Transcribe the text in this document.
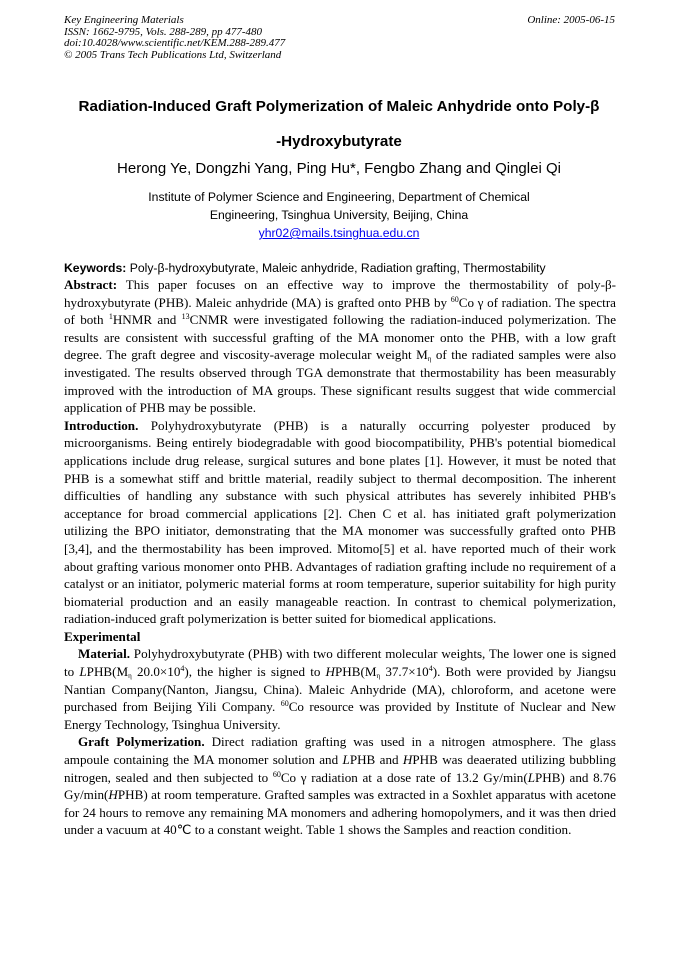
Key Engineering Materials
ISSN: 1662-9795, Vols. 288-289, pp 477-480
doi:10.4028/www.scientific.net/KEM.288-289.477
© 2005 Trans Tech Publications Ltd, Switzerland
Online: 2005-06-15
Radiation-Induced Graft Polymerization of Maleic Anhydride onto Poly-β
-Hydroxybutyrate
Herong Ye, Dongzhi Yang, Ping Hu*, Fengbo Zhang and Qinglei Qi
Institute of Polymer Science and Engineering, Department of Chemical
Engineering, Tsinghua University, Beijing, China
yhr02@mails.tsinghua.edu.cn
Keywords: Poly-β-hydroxybutyrate, Maleic anhydride, Radiation grafting, Thermostability

Abstract: This paper focuses on an effective way to improve the thermostability of poly-β-hydroxybutyrate (PHB). Maleic anhydride (MA) is grafted onto PHB by $^{60}$Co γ of radiation. The spectra of both $^1$HNMR and $^{13}$CNMR were investigated following the radiation-induced polymerization. The results are consistent with successful grafting of the MA monomer onto the PHB, with a low graft degree. The graft degree and viscosity-average molecular weight $M_\eta$ of the radiated samples were also investigated. The results observed through TGA demonstrate that thermostability has been measurably improved with the introduction of MA groups. These significant results suggest that wide commercial application of PHB may be possible.

Introduction. Polyhydroxybutyrate (PHB) is a naturally occurring polyester produced by microorganisms. Being entirely biodegradable with good biocompatibility, PHB's potential biomedical applications include drug release, surgical sutures and bone plates [1]. However, it must be noted that PHB is a somewhat stiff and brittle material, readily subject to thermal decomposition. The inherent difficulties of handling any substance with such physical attributes has severely inhibited PHB's acceptance for broad commercial applications [2]. Chen C et al. has initiated graft polymerization utilizing the BPO initiator, demonstrating that the MA monomer was successfully grafted onto PHB [3,4], and the thermostability has been improved. Mitomo[5] et al. have reported much of their work about grafting various monomer onto PHB. Advantages of radiation grafting include no requirement of a catalyst or an initiator, polymeric material forms at room temperature, superior suitability for high purity biomaterial production and an easily manageable reaction. In contrast to chemical polymerization, radiation-induced graft polymerization is better suited for biomedical applications.

Experimental

Material. Polyhydroxybutyrate (PHB) with two different molecular weights, The lower one is signed to $LPHB(M_\eta$ $20.0\times 10^4$), the higher is signed to $HPHB(M_\eta$ $37.7\times 10^4$). Both were provided by Jiangsu Nantian Company(Nanton, Jiangsu, China). Maleic Anhydride (MA), chloroform, and acetone were purchased from Beijing Yili Company. $^{60}$Co resource was provided by Institute of Nuclear and New Energy Technology, Tsinghua University.

Graft Polymerization. Direct radiation grafting was used in a nitrogen atmosphere. The glass ampoule containing the MA monomer solution and LPHB and HPHB was deaerated utilizing bubbling nitrogen, sealed and then subjected to $^{60}$Co γ radiation at a dose rate of 13.2 Gy/min(LPHB) and 8.76 Gy/min(HPHB) at room temperature. Grafted samples was extracted in a Soxhlet apparatus with acetone for 24 hours to remove any remaining MA monomers and adhering homopolymers, and it was then dried under a vacuum at 40℃ to a constant weight. Table 1 shows the Samples and reaction condition.
